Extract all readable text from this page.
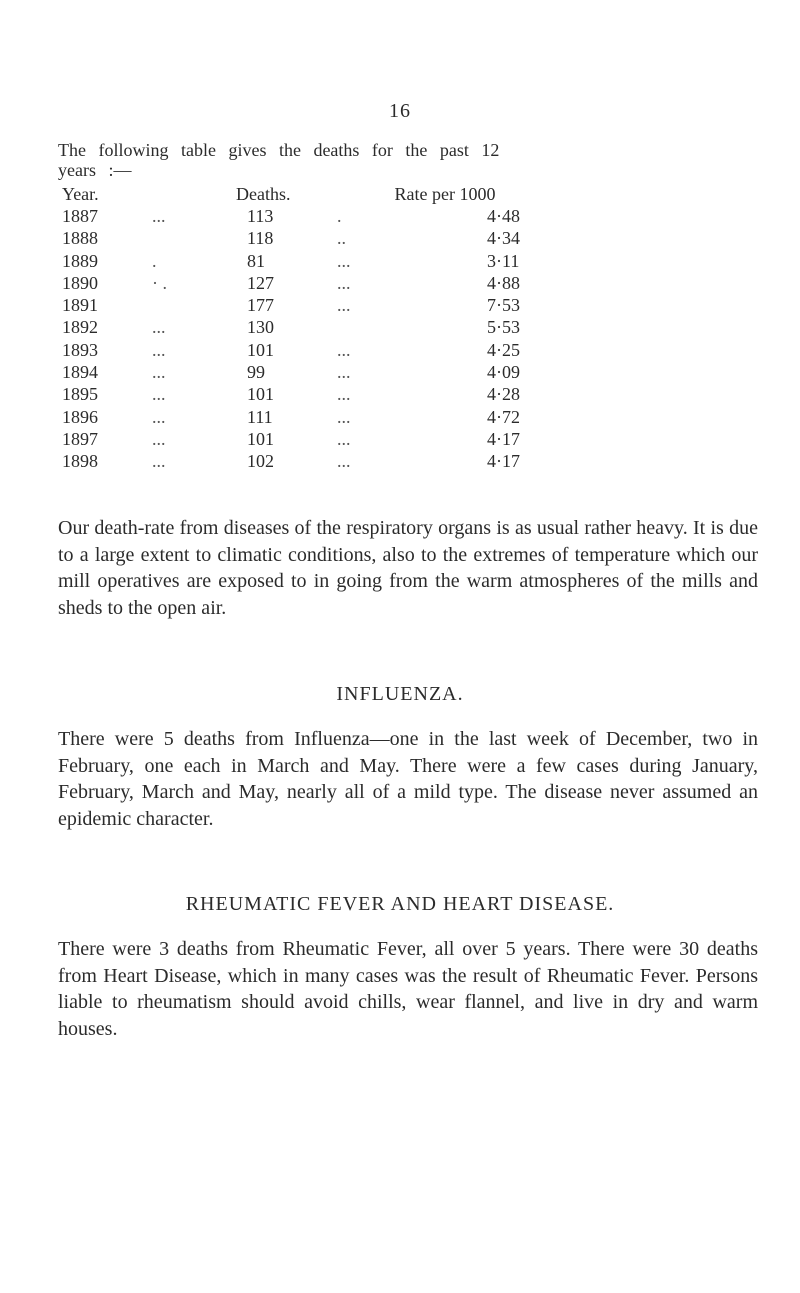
16
The following table gives the deaths for the past 12
years :—
Year.	Deaths. Rate per 1000			
1887	...	113	.	4·48
1888		118	..	4·34
1889	.	81	...	3·11
1890	· .	127	...	4·88
1891		177	...	7·53
1892	...	130		5·53
1893	...	101	...	4·25
1894	...	99	...	4·09
1895	...	101	...	4·28
1896	...	111	...	4·72
1897	...	101	...	4·17
1898	...	102	...	4·17

Our death-rate from diseases of the respiratory organs is as usual rather heavy. It is due to a large extent to climatic conditions, also to the extremes of temperature which our mill operatives are exposed to in going from the warm atmospheres of the mills and sheds to the open air.

INFLUENZA.

There were 5 deaths from Influenza—one in the last week of December, two in February, one each in March and May. There were a few cases during January, February, March and May, nearly all of a mild type. The disease never assumed an epidemic character.

RHEUMATIC FEVER AND HEART DISEASE.

There were 3 deaths from Rheumatic Fever, all over 5 years. There were 30 deaths from Heart Disease, which in many cases was the result of Rheumatic Fever. Persons liable to rheumatism should avoid chills, wear flannel, and live in dry and warm houses.
